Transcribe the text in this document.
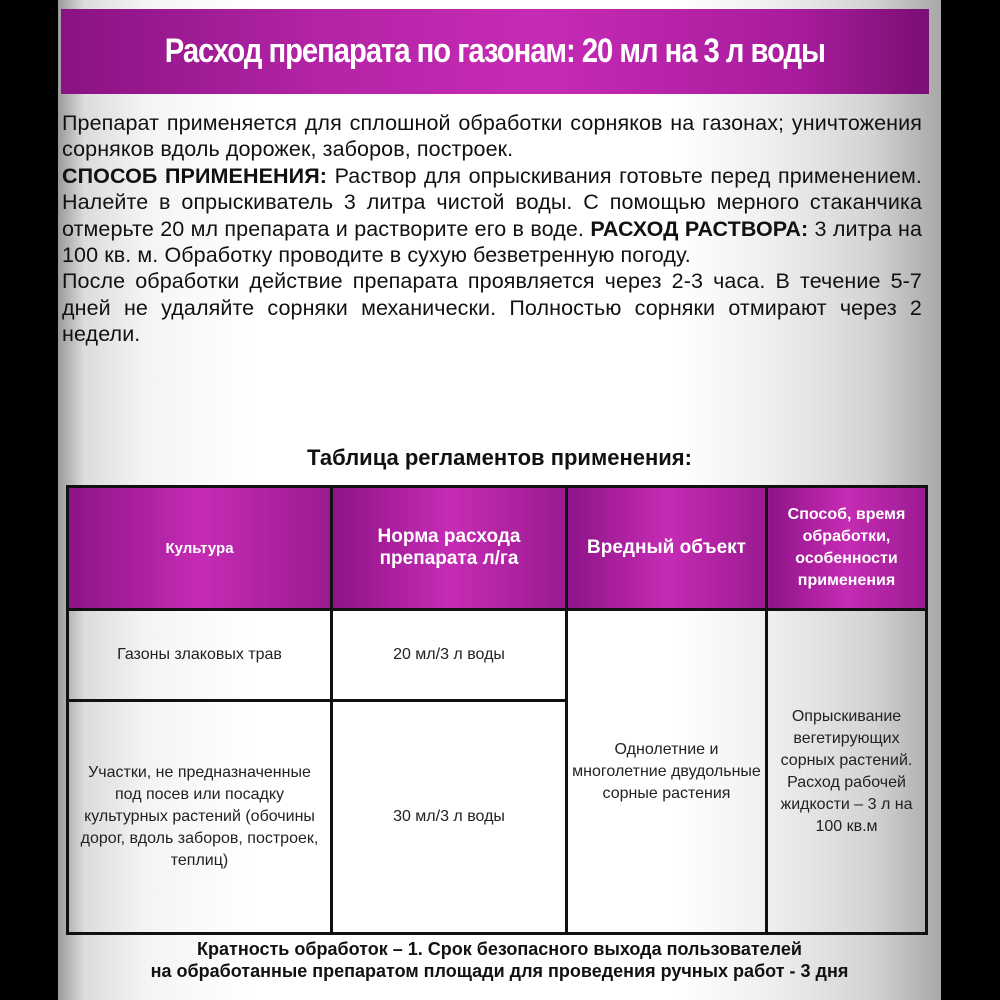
Расход препарата по газонам: 20 мл на 3 л воды

Препарат применяется для сплошной обработки сорняков на газонах; уничтожения сорняков вдоль дорожек, заборов, построек.

СПОСОБ ПРИМЕНЕНИЯ: Раствор для опрыскивания готовьте перед применением. Налейте в опрыскиватель 3 литра чистой воды. С помощью мерного стаканчика отмерьте 20 мл препарата и растворите его в воде. РАСХОД РАСТВОРА: 3 литра на 100 кв. м. Обработку проводите в сухую безветренную погоду.

После обработки действие препарата проявляется через 2-3 часа. В течение 5-7 дней не удаляйте сорняки механически. Полностью сорняки отмирают через 2 недели.

Таблица регламентов применения:
Культура	Норма расхода препарата л/га	Вредный объект	Способ, время обработки, особенности применения
Газоны злаковых трав	20 мл/3 л воды	Однолетние и многолетние двудольные сорные растения	Опрыскивание вегетирующих сорных растений. Расход рабочей жидкости – 3 л на 100 кв.м
Участки, не предназначенные под посев или посадку культурных растений (обочины дорог, вдоль заборов, построек, теплиц)	30 мл/3 л воды		
Кратность обработок – 1. Срок безопасного выхода пользователей
на обработанные препаратом площади для проведения ручных работ - 3 дня
